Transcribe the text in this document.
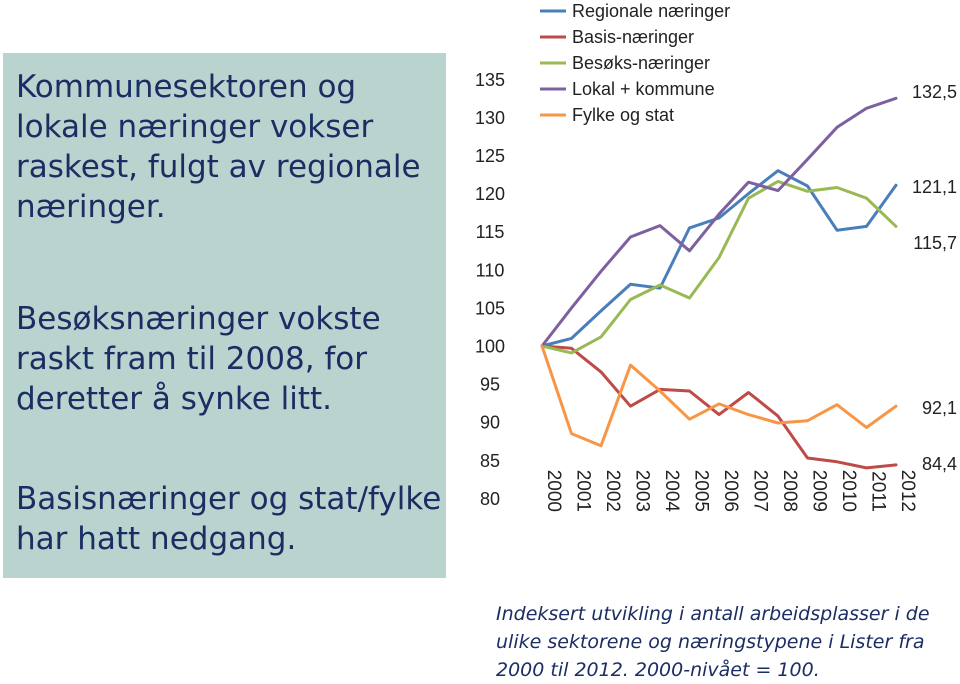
Kommunesektoren og
lokale næringer vokser
raskest, fulgt av regionale
næringer.

Besøksnæringer vokste
raskt fram til 2008, for
deretter å synke litt.

Basisnæringer og stat/fylke
har hatt nedgang.

135
130
125
120
115
110
105
100
95
90
85
80 2000 2001 2002 2003 2004 2005 2006 2007 2008 2009 2010 2011 2012
132,5
121,1
115,7
92,1
84,4
Regionale næringer
Basis-næringer
Besøks-næringer
Lokal + kommune
Fylke og stat

Indeksert utvikling i antall arbeidsplasser i de ulike sektorene og næringstypene i Lister fra 2000 til 2012. 2000-nivået = 100.
